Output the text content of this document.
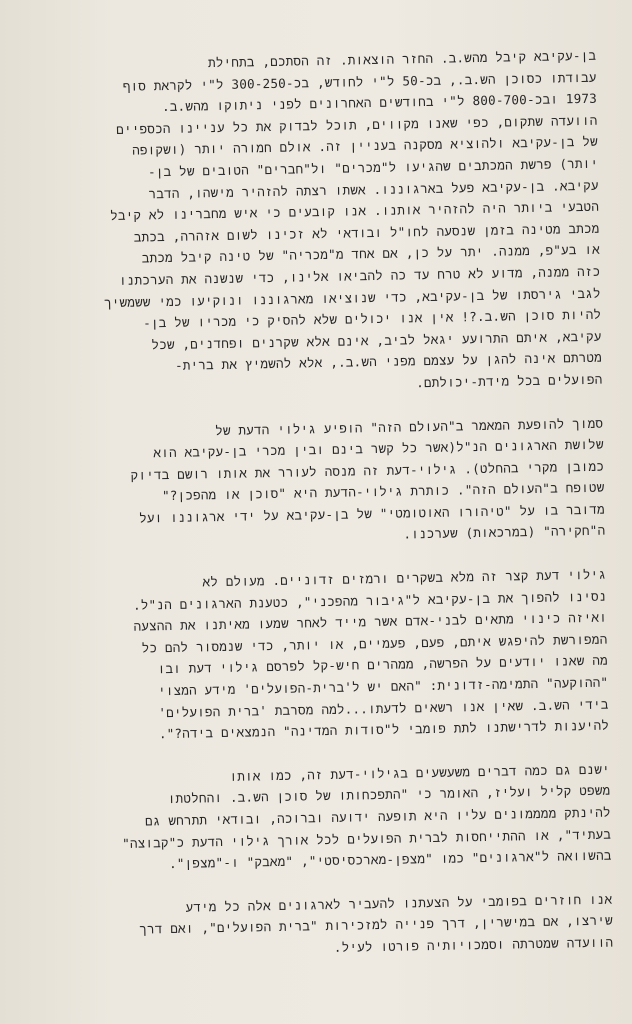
בן-עקיבא קיבל מהש.ב. החזר הוצאות. זה הסתכם, בתחילת
עבודתו כסוכן הש.ב., בכ-50 ל"י לחודש, בכ-300-250 ל"י לקראת סוף
1973 ובכ-800-700 ל"י בחודשים האחרונים לפני ניתוקו מהש.ב.
הוועדה שתקום, כפי שאנו מקווים, תוכל לבדוק את כל עניינו הכספיים
של בן-עקיבא ולהוציא מסקנה בעניין זה. אולם חמורה יותר (ושקופה
יותר) פרשת המכתבים שהגיעו ל"מכרים" ול"חברים" הטובים של בן-
עקיבא. בן-עקיבא פעל בארגוננו. אשתו רצתה להזהיר מישהו, הדבר
הטבעי ביותר היה להזהיר אותנו. אנו קובעים כי איש מחברינו לא קיבל
מכתב מטינה בזמן שנסעה לחו"ל ובודאי לא זכינו לשום אזהרה, בכתב
או בע"פ, ממנה. יתר על כן, אם אחד מ"מכריה" של טינה קיבל מכתב
כזה ממנה, מדוע לא טרח עד כה להביאו אלינו, כדי שנשנה את הערכתנו
לגבי גירסתו של בן-עקיבא, כדי שנוציאו מארגוננו ונוקיעו כמי ששמשיך
להיות סוכן הש.ב.?! אין אנו יכולים שלא להסיק כי מכריו של בן-
עקיבא, איתם התרועע יגאל לביב, אינם אלא שקרנים ופחדנים, שכל
מטרתם אינה להגן על עצמם מפני הש.ב., אלא להשמיץ את ברית-
הפועלים בכל מידת-יכולתם.

סמוך להופעת המאמר ב"העולם הזה" הופיע גילוי הדעת של
שלושת הארגונים הנ"ל(אשר כל קשר בינם ובין מכרי בן-עקיבא הוא
כמובן מקרי בהחלט). גילוי-דעת זה מנסה לעורר את אותו רושם בדיוק
שטופח ב"העולם הזה". כותרת גילוי-הדעת היא "סוכן או מהפכן?"
מדובר בו על "טיהורו האוטומטי" של בן-עקיבא על ידי ארגוננו ועל
ה"חקירה" (במרכאות) שערכנו.

גילוי דעת קצר זה מלא בשקרים ורמזים זדוניים. מעולם לא
נסינו להפוך את בן-עקיבא ל"גיבור מהפכני", כטענת הארגונים הנ"ל.
ואיזה כינוי מתאים לבני-אדם אשר מייד לאחר שמעו מאיתנו את ההצעה
המפורשת להיפגש איתם, פעם, פעמיים, או יותר, כדי שנמסור להם כל
מה שאנו יודעים על הפרשה, ממהרים חיש-קל לפרסם גילוי דעת ובו
"ההוקעה" התמימה-זדונית: "האם יש ל'ברית-הפועלים' מידע המצוי
בידי הש.ב. שאין אנו רשאים לדעתו...למה מסרבת 'ברית הפועלים'
להיענות לדרישתנו לתת פומבי ל"סודות המדינה" הנמצאים בידה?".

ישנם גם כמה דברים משעשעים בגילוי-דעת זה, כמו אותו
משפט קליל ועליז, האומר כי "התפכחותו של סוכן הש.ב. והחלטתו
להינתק ממממונים עליו היא תופעה ידועה וברוכה, ובודאי תתרחש גם
בעתיד", או ההתייחסות לברית הפועלים לכל אורך גילוי הדעת כ"קבוצה"
בהשוואה ל"ארגונים" כמו "מצפן-מארכסיסטי", "מאבק" ו-"מצפן".

אנו חוזרים בפומבי על הצעתנו להעביר לארגונים אלה כל מידע
שירצו, אם במישרין, דרך פנייה למזכירות "ברית הפועלים", ואם דרך
הוועדה שמטרתה וסמכויותיה פורטו לעיל.
